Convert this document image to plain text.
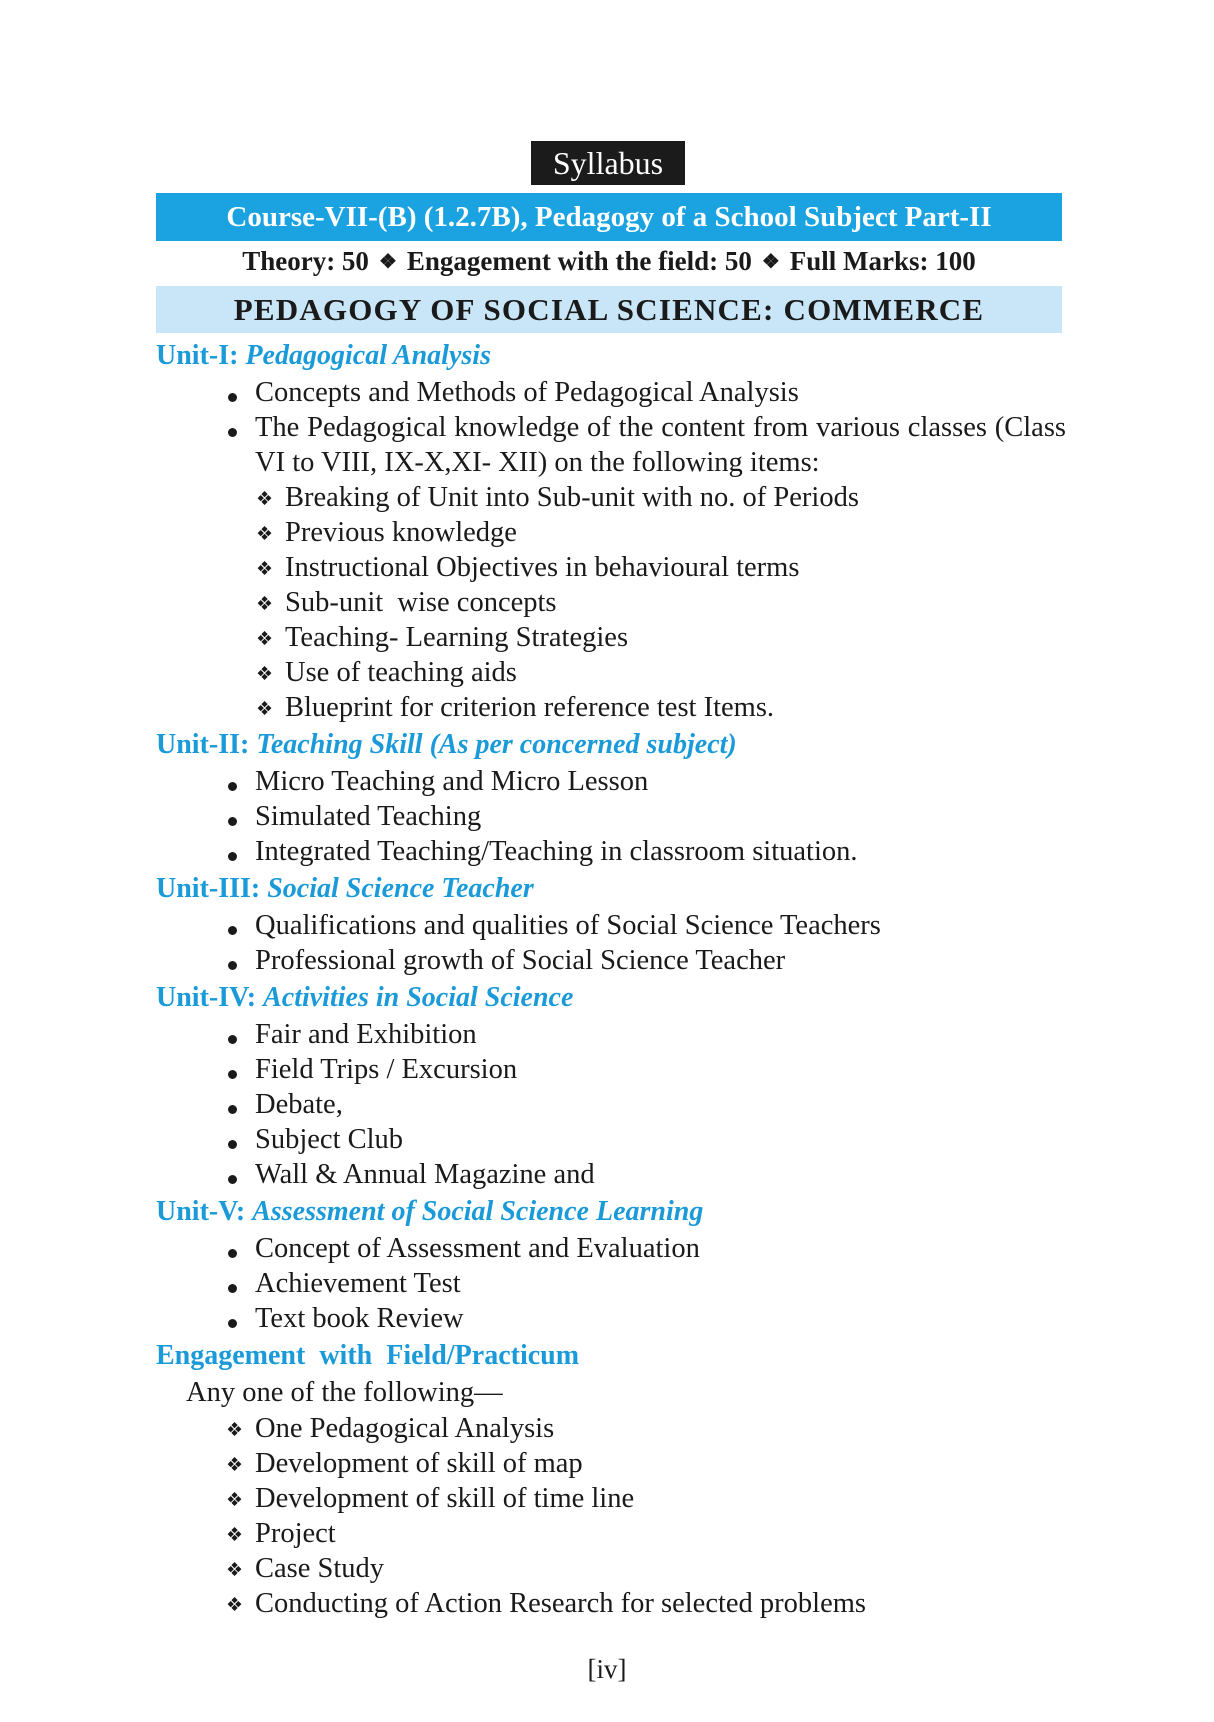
Syllabus
Course-VII-(B) (1.2.7B), Pedagogy of a School Subject Part-II
Theory: 50 ❖ Engagement with the field: 50 ❖ Full Marks: 100
PEDAGOGY OF SOCIAL SCIENCE: COMMERCE
Unit-I: Pedagogical Analysis
Concepts and Methods of Pedagogical Analysis
The Pedagogical knowledge of the content from various classes (Class VI to VIII, IX-X,XI- XII) on the following items:
❖ Breaking of Unit into Sub-unit with no. of Periods
❖ Previous knowledge
❖ Instructional Objectives in behavioural terms
❖ Sub-unit  wise concepts
❖ Teaching- Learning Strategies
❖ Use of teaching aids
❖ Blueprint for criterion reference test Items.
Unit-II: Teaching Skill (As per concerned subject)
Micro Teaching and Micro Lesson
Simulated Teaching
Integrated Teaching/Teaching in classroom situation.
Unit-III: Social Science Teacher
Qualifications and qualities of Social Science Teachers
Professional growth of Social Science Teacher
Unit-IV: Activities in Social Science
Fair and Exhibition
Field Trips / Excursion
Debate,
Subject Club
Wall & Annual Magazine and
Unit-V: Assessment of Social Science Learning
Concept of Assessment and Evaluation
Achievement Test
Text book Review
Engagement  with  Field/Practicum
Any one of the following—
❖ One Pedagogical Analysis
❖ Development of skill of map
❖ Development of skill of time line
❖ Project
❖ Case Study
❖ Conducting of Action Research for selected problems
[iv]
